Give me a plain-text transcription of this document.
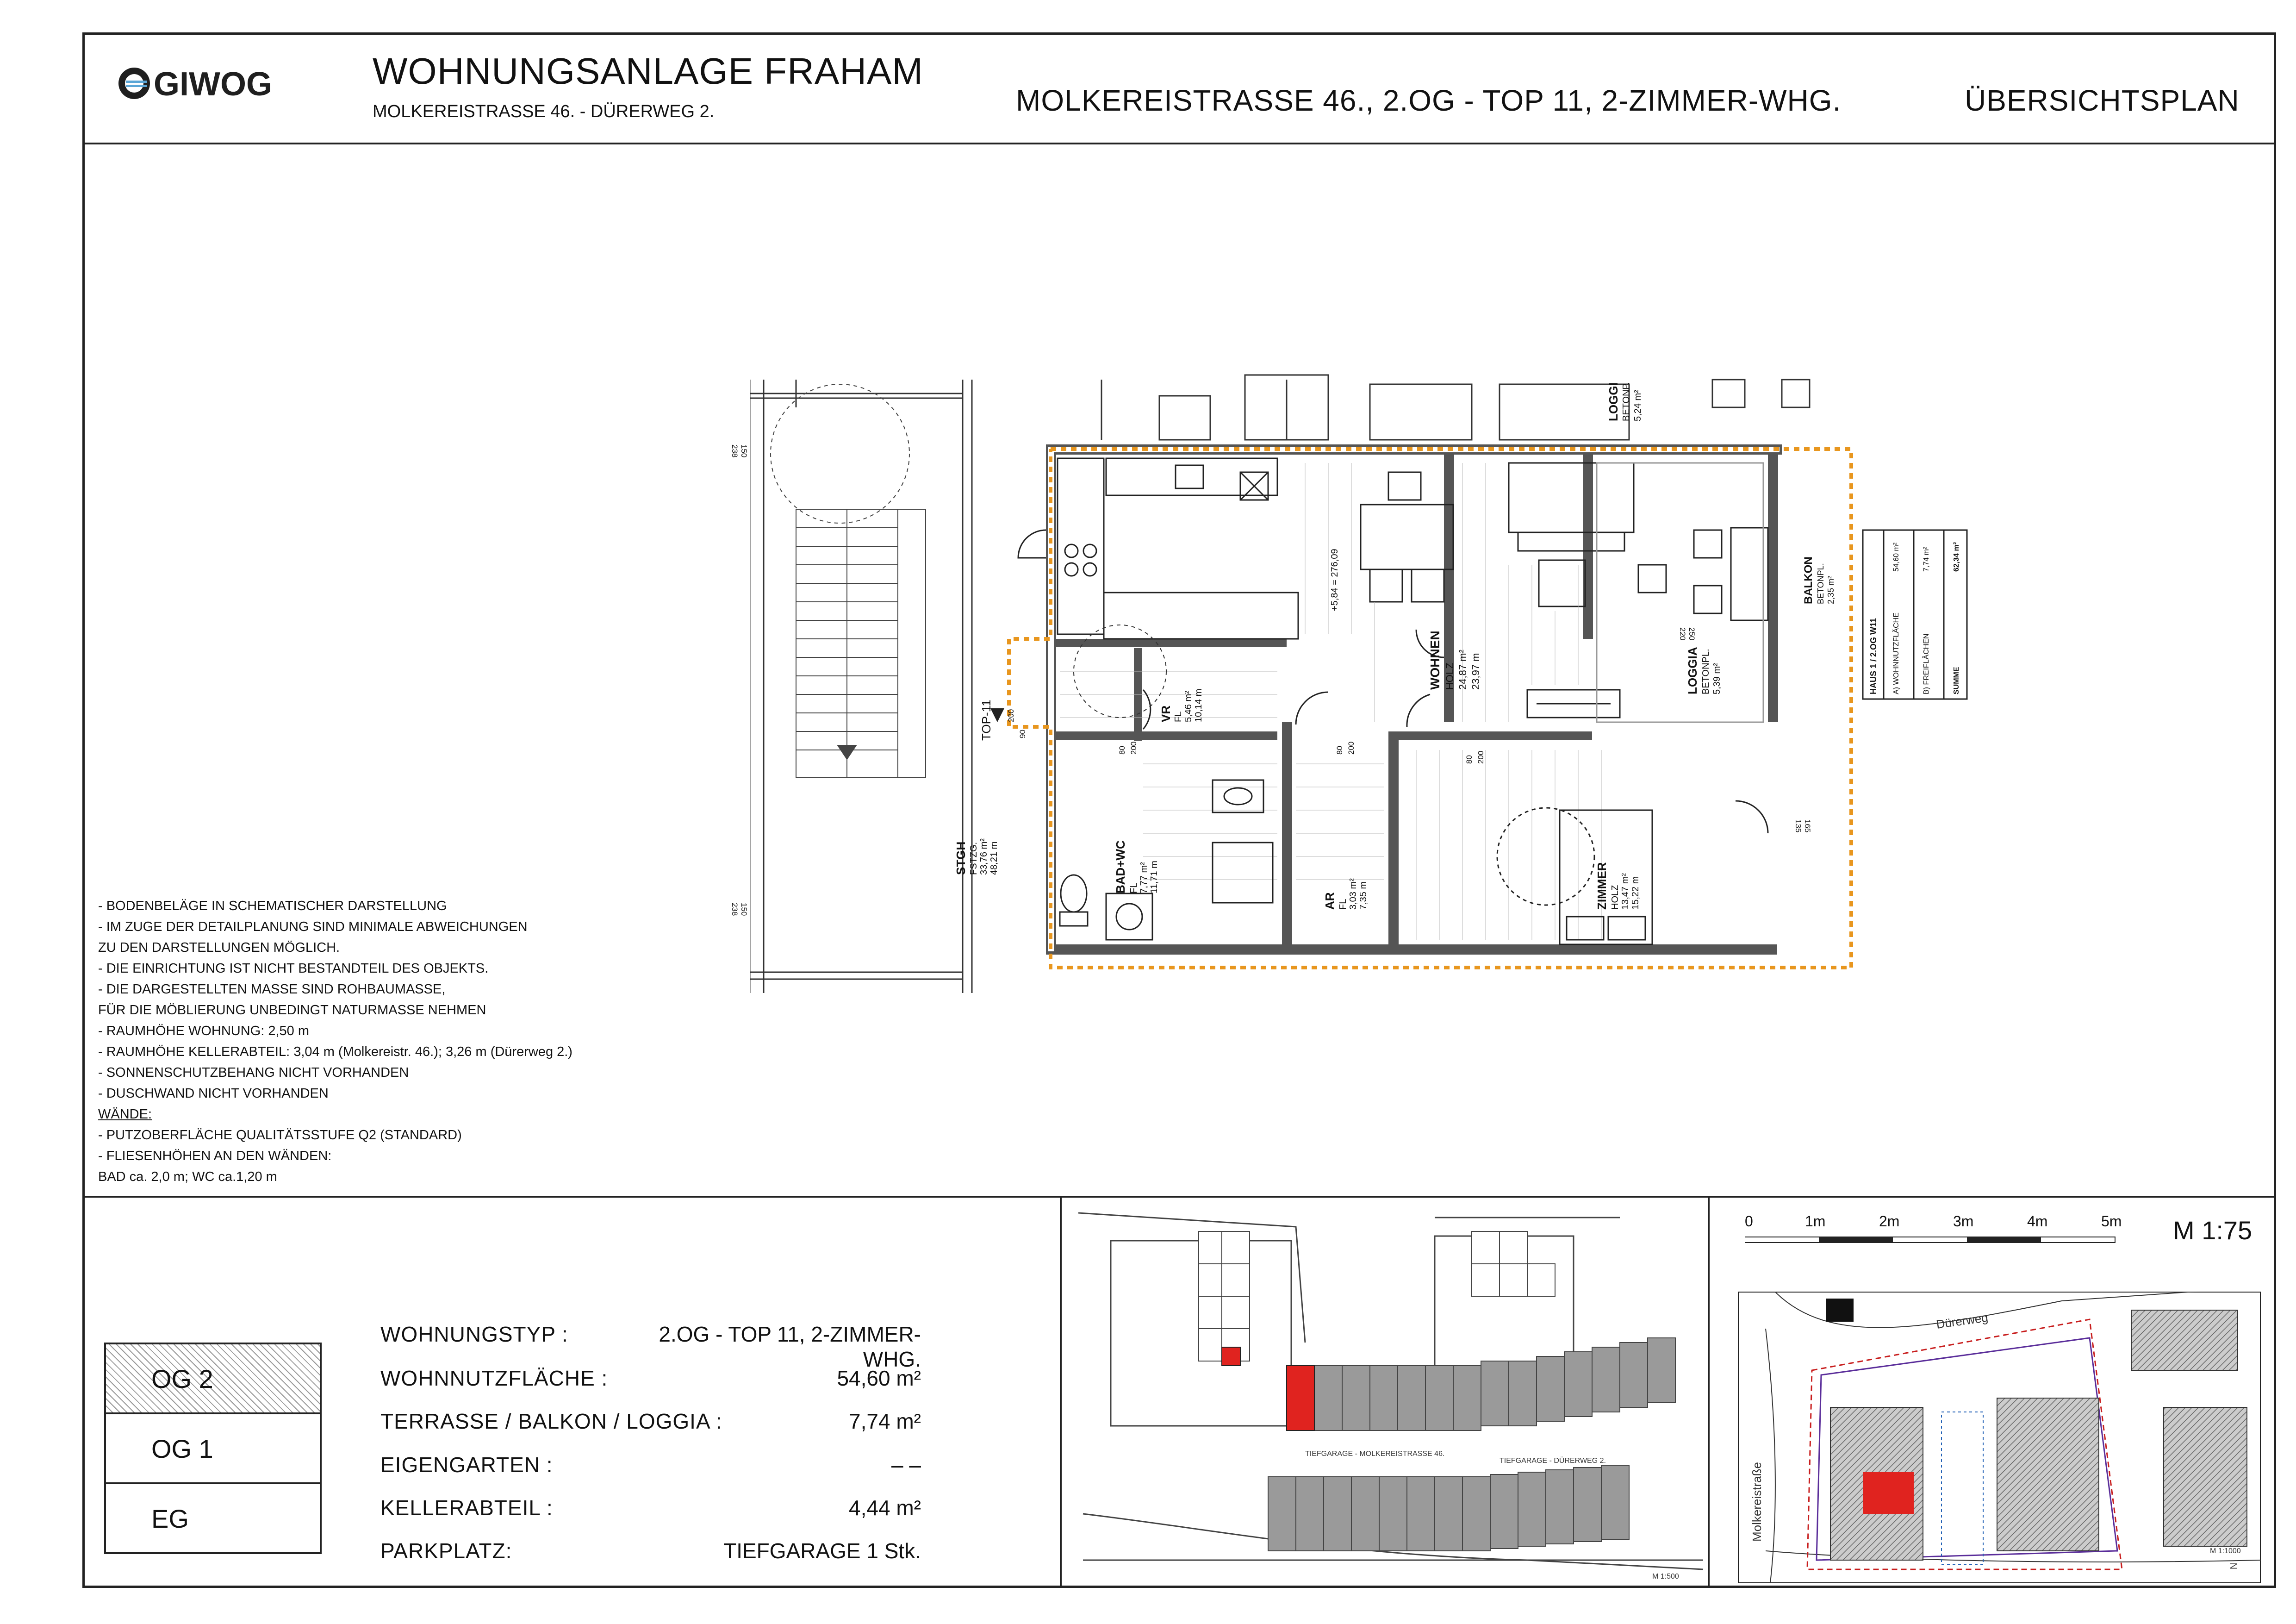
GIWOG	WOHNUNGSANLAGE FRAHAM
MOLKEREISTRASSE 46. - DÜRERWEG 2.	MOLKEREISTRASSE 46., 2.OG - TOP 11, 2-ZIMMER-WHG.	ÜBERSICHTSPLAN
TOP-11
+5,84 = 276,09
WOHNEN HOLZ 24,87 m² 23,97 m
LOGGI BETONP. 5,24 m²
BALKON BETONPL. 2,35 m²
LOGGIA BETONPL. 5,39 m²
VR FL 5,46 m² 10,14 m
STGH FSTZG. 33,76 m² 48,21 m	BAD+WC FL 7,77 m² 11,71 m
AR FL 3,03 m² 7,35 m	ZIMMER HOLZ 13,47 m² 15,22 m
200
90
80 200	80 200
80 200
220 250
135 165
238 150
238 150
HAUS 1 / 2.OG W11 A) WOHNNUTZFLÄCHE
54,60 m²
B) FREIFLÄCHEN
7,74 m²
SUMME
62,34 m²
- BODENBELÄGE IN SCHEMATISCHER DARSTELLUNG
- IM ZUGE DER DETAILPLANUNG SIND MINIMALE ABWEICHUNGEN
ZU DEN DARSTELLUNGEN MÖGLICH.
- DIE EINRICHTUNG IST NICHT BESTANDTEIL DES OBJEKTS.
- DIE DARGESTELLTEN MASSE SIND ROHBAUMASSE,
FÜR DIE MÖBLIERUNG UNBEDINGT NATURMASSE NEHMEN
- RAUMHÖHE WOHNUNG: 2,50 m
- RAUMHÖHE KELLERABTEIL: 3,04 m (Molkereistr. 46.); 3,26 m (Dürerweg 2.)
- SONNENSCHUTZBEHANG NICHT VORHANDEN
- DUSCHWAND NICHT VORHANDEN
WÄNDE:
- PUTZOBERFLÄCHE QUALITÄTSSTUFE Q2 (STANDARD)
- FLIESENHÖHEN AN DEN WÄNDEN:
BAD ca. 2,0 m; WC ca.1,20 m
OG 2
OG 1
EG
WOHNUNGSTYP :	2.OG - TOP 11, 2-ZIMMER-WHG.
WOHNNUTZFLÄCHE :	54,60 m²
TERRASSE / BALKON / LOGGIA :	7,74 m²
EIGENGARTEN :	– –
KELLERABTEIL :	4,44 m²
PARKPLATZ:	TIEFGARAGE 1 Stk.
TIEFGARAGE - MOLKEREISTRASSE 46.
TIEFGARAGE - DÜRERWEG 2.
M 1:500
0	1m	2m	3m	4m	5m M 1:75
Dürerweg
Molkereistraße
M 1:1000
N
